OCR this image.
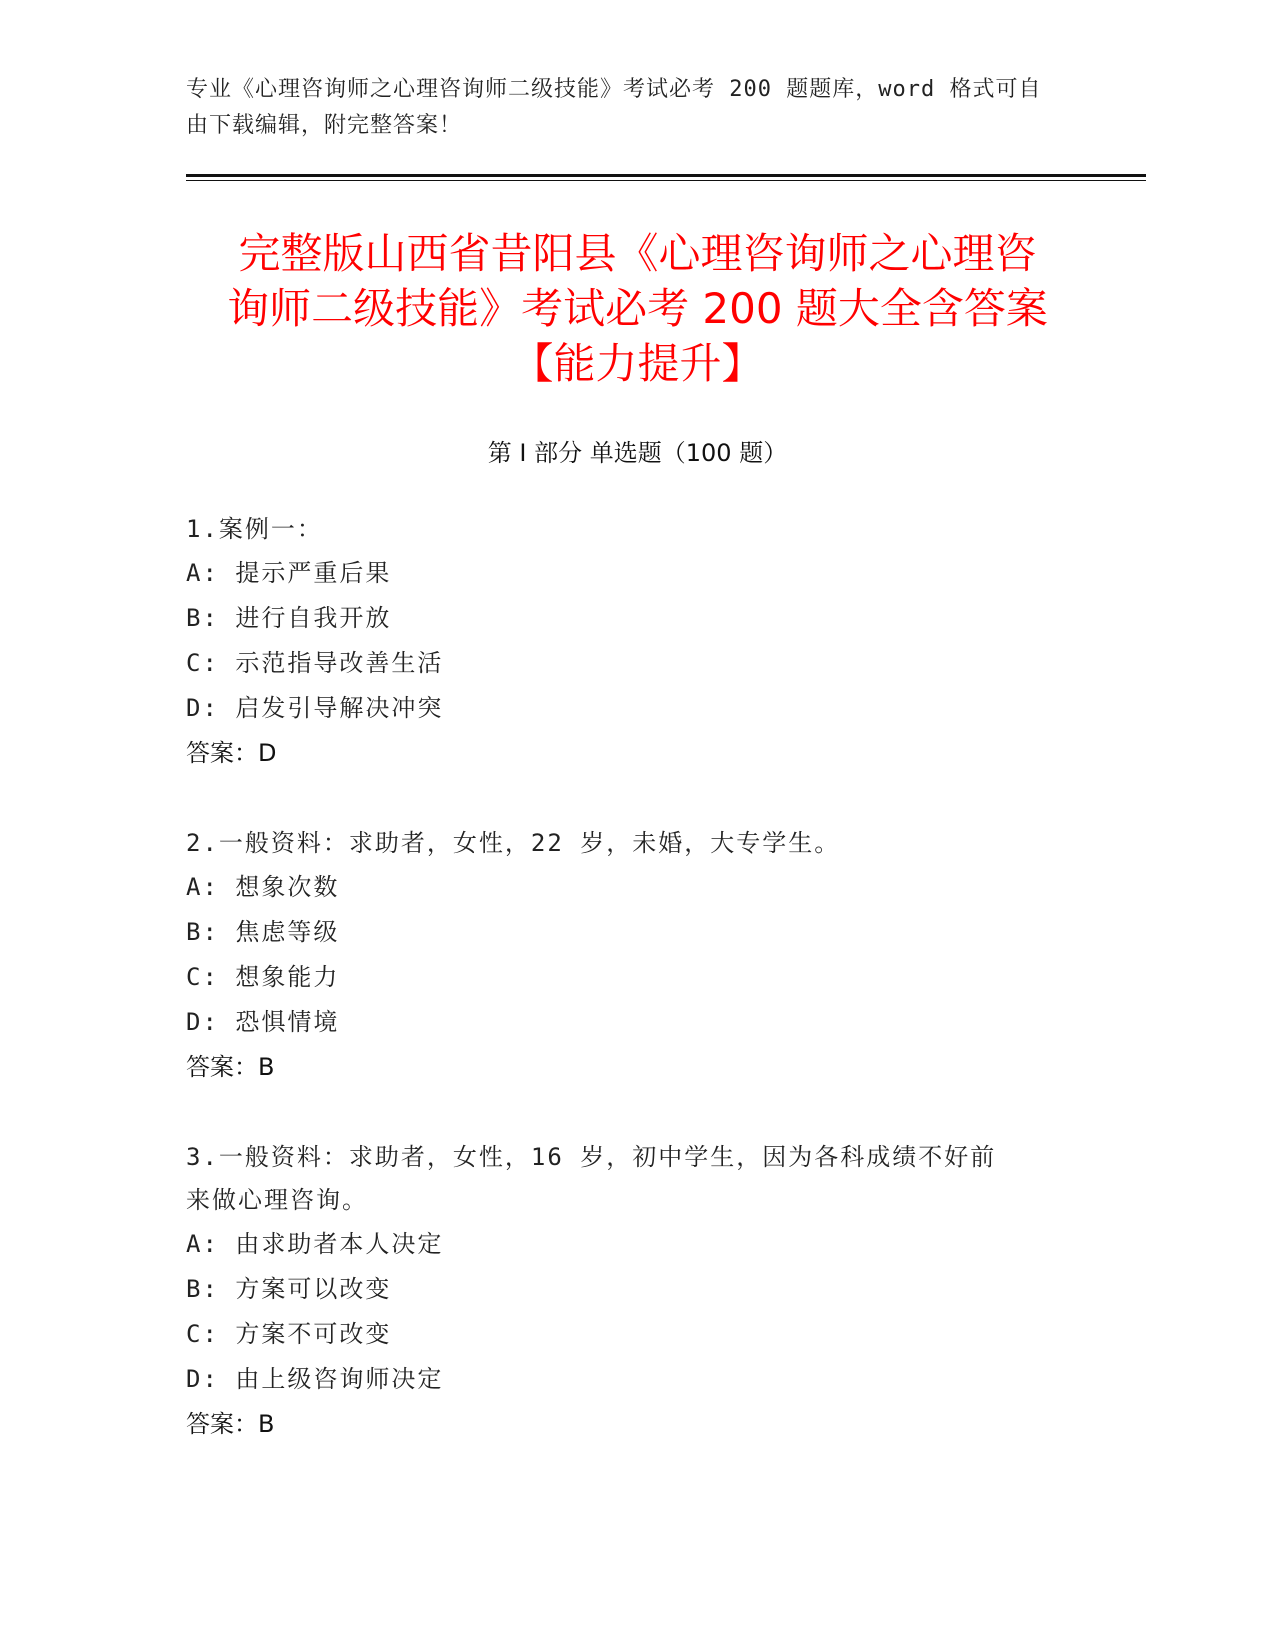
专业《心理咨询师之心理咨询师二级技能》考试必考 200 题题库，word 格式可自
由下载编辑，附完整答案！
完整版山西省昔阳县《心理咨询师之心理咨
询师二级技能》考试必考 200 题大全含答案
【能力提升】
第 I 部分 单选题（100 题）
1.案例一：
A: 提示严重后果
B: 进行自我开放
C: 示范指导改善生活
D: 启发引导解决冲突
答案：D
2.一般资料：求助者，女性，22 岁，未婚，大专学生。
A: 想象次数
B: 焦虑等级
C: 想象能力
D: 恐惧情境
答案：B
3.一般资料：求助者，女性，16 岁，初中学生，因为各科成绩不好前
来做心理咨询。
A: 由求助者本人决定
B: 方案可以改变
C: 方案不可改变
D: 由上级咨询师决定
答案：B
